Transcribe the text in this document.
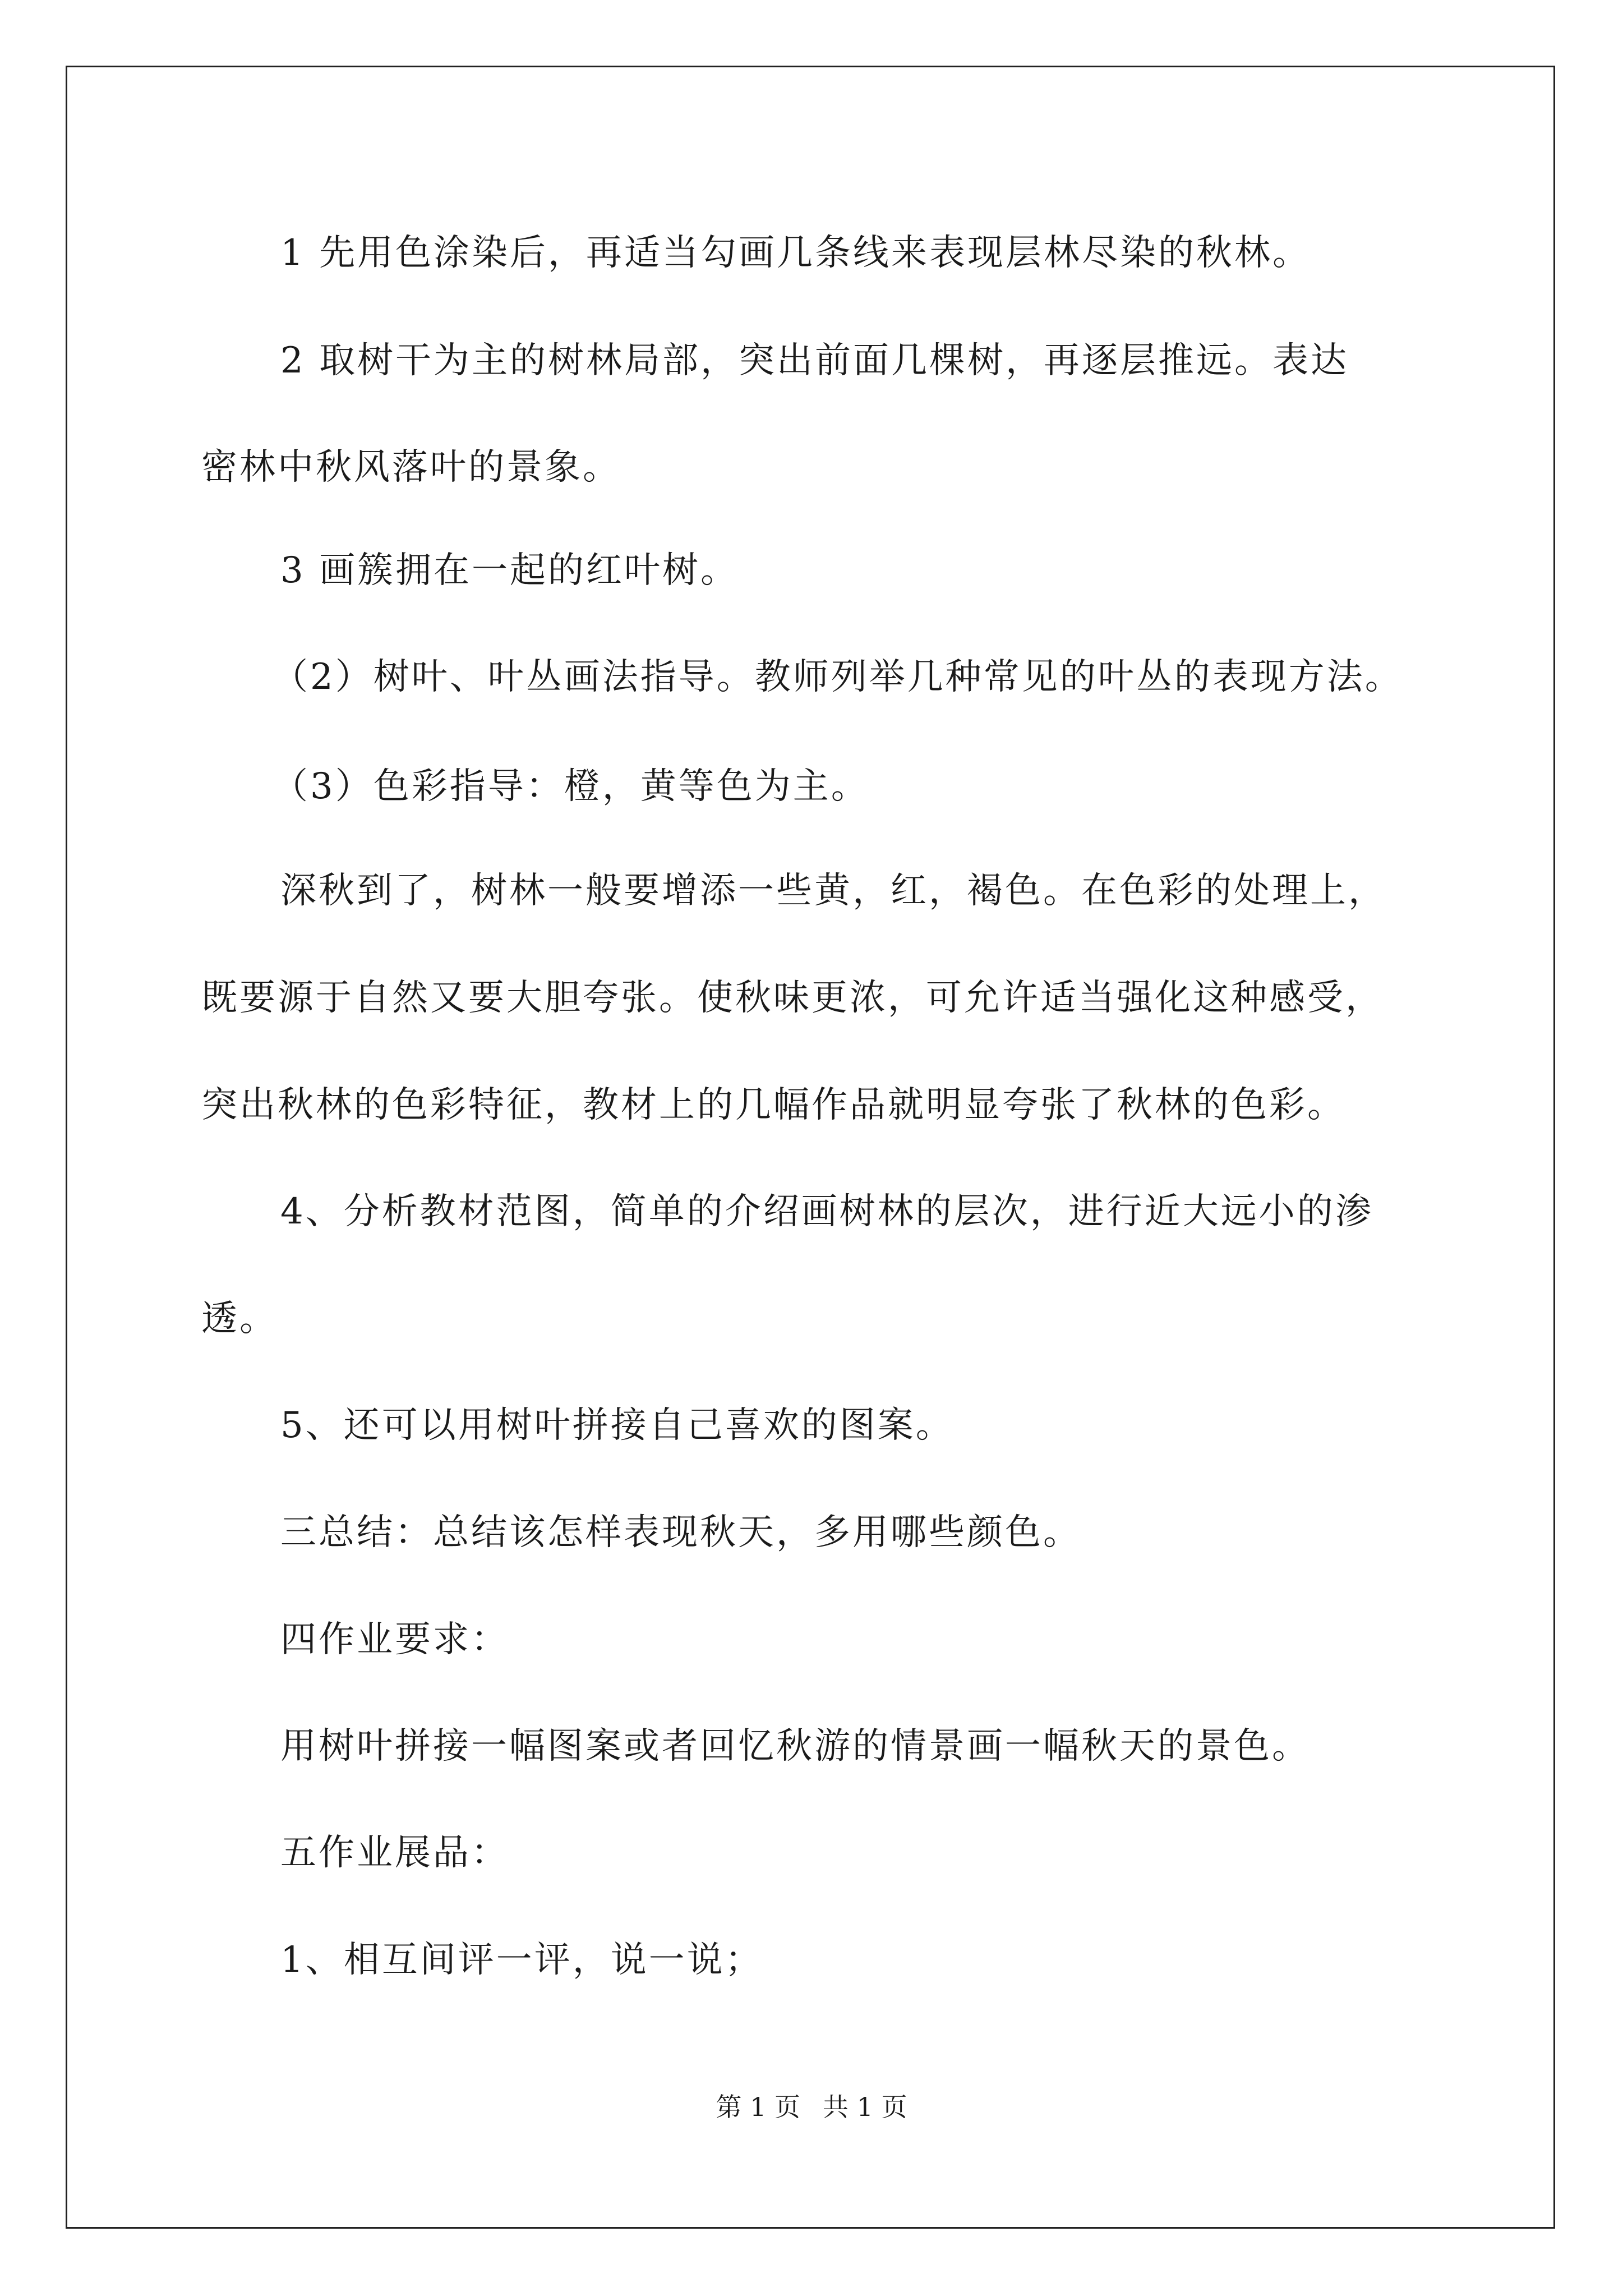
1 先用色涂染后，再适当勾画几条线来表现层林尽染的秋林。
2 取树干为主的树林局部，突出前面几棵树，再逐层推远。表达
密林中秋风落叶的景象。
3 画簇拥在一起的红叶树。
（2）树叶、叶丛画法指导。教师列举几种常见的叶丛的表现方法。
（3）色彩指导：橙，黄等色为主。
深秋到了，树林一般要增添一些黄，红，褐色。在色彩的处理上，
既要源于自然又要大胆夸张。使秋味更浓，可允许适当强化这种感受，
突出秋林的色彩特征，教材上的几幅作品就明显夸张了秋林的色彩。
4、分析教材范图，简单的介绍画树林的层次，进行近大远小的渗
透。
5、还可以用树叶拼接自己喜欢的图案。
三总结：总结该怎样表现秋天，多用哪些颜色。
四作业要求：
用树叶拼接一幅图案或者回忆秋游的情景画一幅秋天的景色。
五作业展品：
1、相互间评一评，说一说；
第 1 页 共 1 页
